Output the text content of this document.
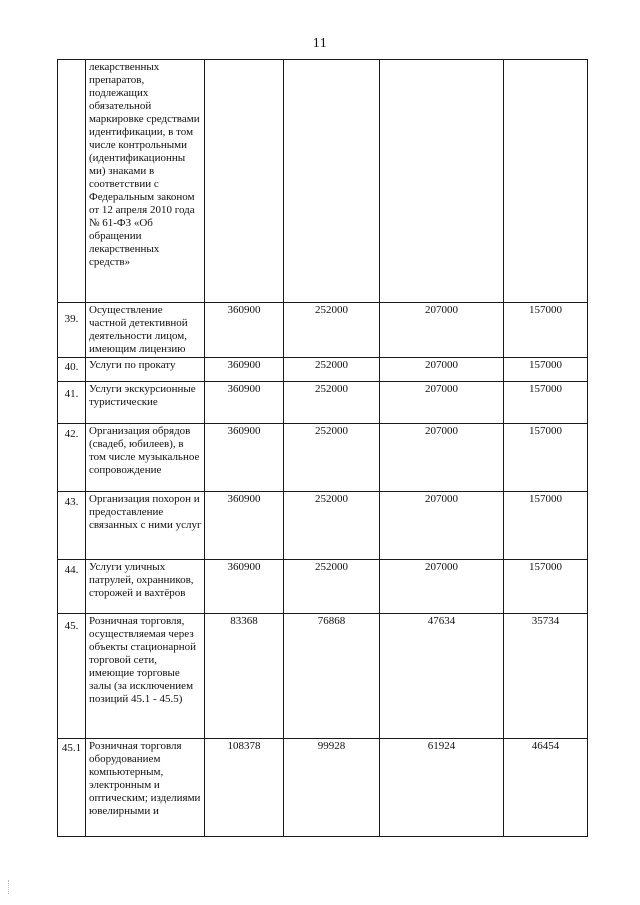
11

	лекарственных препаратов, подлежащих обязательной маркировке средствами идентификации, в том числе контрольными (идентификационны ми) знаками в соответствии с Федеральным законом от 12 апреля 2010 года № 61-ФЗ «Об обращении лекарственных средств»				

39.	Осуществление частной детективной деятельности лицом, имеющим лицензию	360900	252000	207000	157000

40.	Услуги по прокату	360900	252000	207000	157000

41.	Услуги экскурсионные туристические	360900	252000	207000	157000

42.	Организация обрядов (свадеб, юбилеев), в том числе музыкальное сопровождение	360900	252000	207000	157000

43.	Организация похорон и предоставление связанных с ними услуг	360900	252000	207000	157000

44.	Услуги уличных патрулей, охранников, сторожей и вахтёров	360900	252000	207000	157000

45.	Розничная торговля, осуществляемая через объекты стационарной торговой сети, имеющие торговые залы (за исключением позиций 45.1 - 45.5)	83368	76868	47634	35734

45.1	Розничная торговля оборудованием компьютерным, электронным и оптическим; изделиями ювелирными и	108378	99928	61924	46454
